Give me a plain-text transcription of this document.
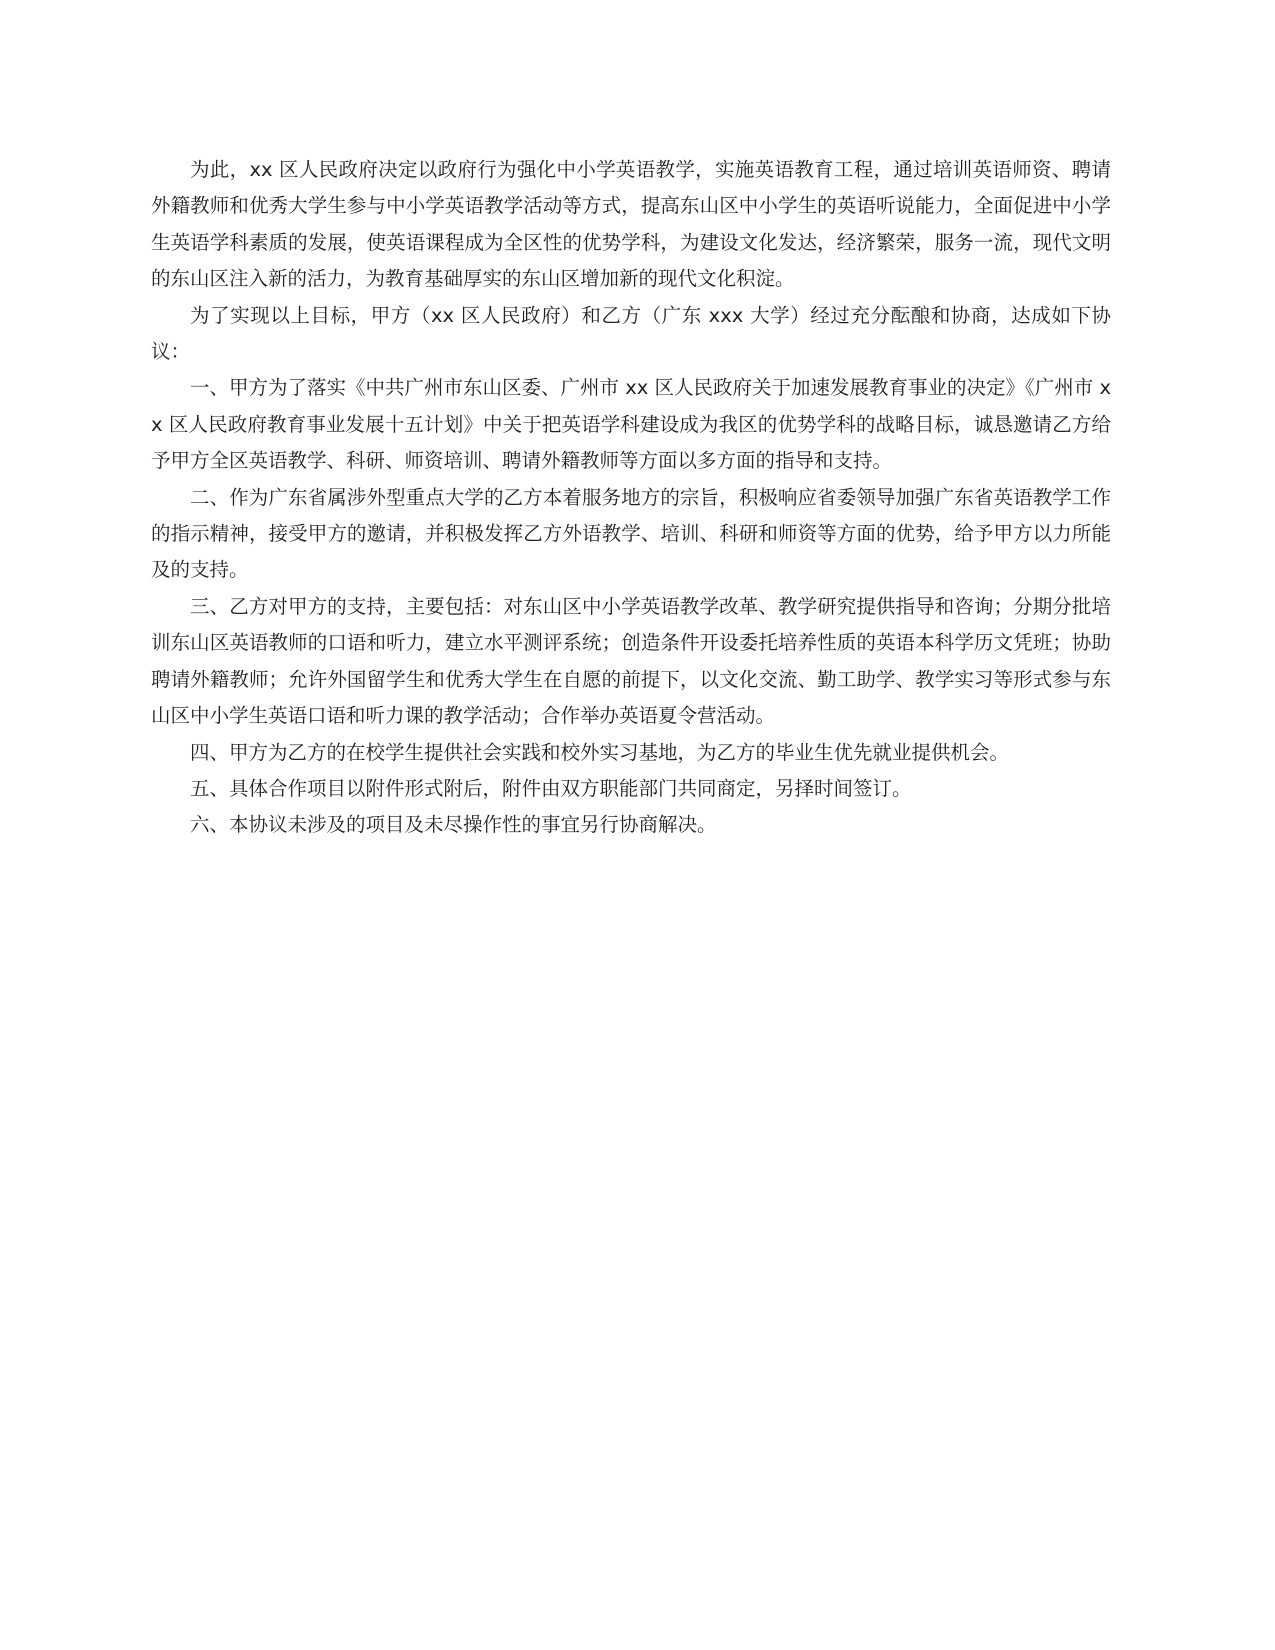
为此，xx 区人民政府决定以政府行为强化中小学英语教学，实施英语教育工程，通过培训英语师资、聘请外籍教师和优秀大学生参与中小学英语教学活动等方式，提高东山区中小学生的英语听说能力，全面促进中小学生英语学科素质的发展，使英语课程成为全区性的优势学科，为建设文化发达，经济繁荣，服务一流，现代文明的东山区注入新的活力，为教育基础厚实的东山区增加新的现代文化积淀。

为了实现以上目标，甲方（xx 区人民政府）和乙方（广东 xxx 大学）经过充分酝酿和协商，达成如下协议：

一、甲方为了落实《中共广州市东山区委、广州市 xx 区人民政府关于加速发展教育事业的决定》《广州市 xx 区人民政府教育事业发展十五计划》中关于把英语学科建设成为我区的优势学科的战略目标，诚恳邀请乙方给予甲方全区英语教学、科研、师资培训、聘请外籍教师等方面以多方面的指导和支持。

二、作为广东省属涉外型重点大学的乙方本着服务地方的宗旨，积极响应省委领导加强广东省英语教学工作的指示精神，接受甲方的邀请，并积极发挥乙方外语教学、培训、科研和师资等方面的优势，给予甲方以力所能及的支持。

三、乙方对甲方的支持，主要包括：对东山区中小学英语教学改革、教学研究提供指导和咨询；分期分批培训东山区英语教师的口语和听力，建立水平测评系统；创造条件开设委托培养性质的英语本科学历文凭班；协助聘请外籍教师；允许外国留学生和优秀大学生在自愿的前提下，以文化交流、勤工助学、教学实习等形式参与东山区中小学生英语口语和听力课的教学活动；合作举办英语夏令营活动。

四、甲方为乙方的在校学生提供社会实践和校外实习基地，为乙方的毕业生优先就业提供机会。

五、具体合作项目以附件形式附后，附件由双方职能部门共同商定，另择时间签订。

六、本协议未涉及的项目及未尽操作性的事宜另行协商解决。
